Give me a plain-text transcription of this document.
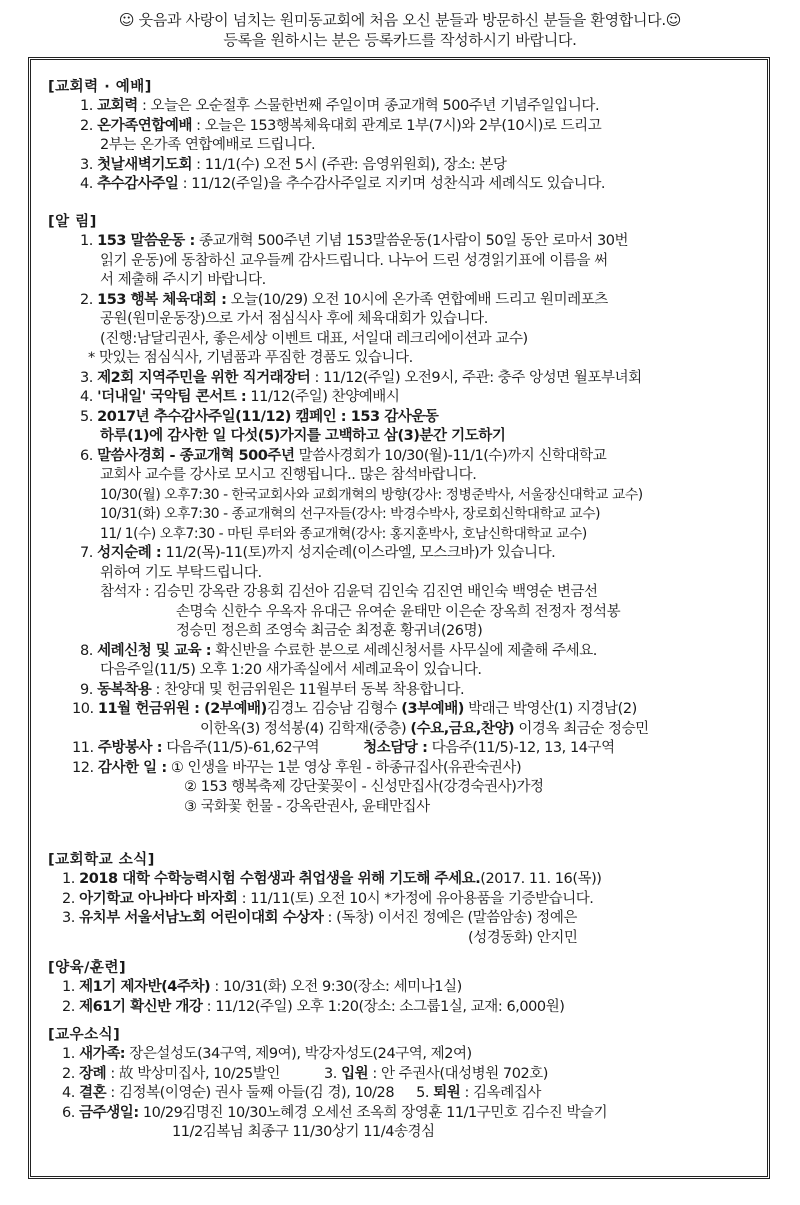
☺ 웃음과 사랑이 넘치는 원미동교회에 처음 오신 분들과 방문하신 분들을 환영합니다.☺
등록을 원하시는 분은 등록카드를 작성하시기 바랍니다.
[교회력 · 예배]
1. 교회력 : 오늘은 오순절후 스물한번째 주일이며 종교개혁 500주년 기념주일입니다.
2. 온가족연합예배 : 오늘은 153행복체육대회 관계로 1부(7시)와 2부(10시)로 드리고
2부는 온가족 연합예배로 드립니다.
3. 첫날새벽기도회 : 11/1(수) 오전 5시 (주관: 음영위원회), 장소: 본당
4. 추수감사주일 : 11/12(주일)을 추수감사주일로 지키며 성찬식과 세례식도 있습니다.
[알 림]
1. 153 말씀운동 : 종교개혁 500주년 기념 153말씀운동(1사람이 50일 동안 로마서 30번
읽기 운동)에 동참하신 교우들께 감사드립니다. 나누어 드린 성경읽기표에 이름을 써
서 제출해 주시기 바랍니다.
2. 153 행복 체육대회 : 오늘(10/29) 오전 10시에 온가족 연합예배 드리고 원미레포츠
공원(원미운동장)으로 가서 점심식사 후에 체육대회가 있습니다.
(진행:남달리권사, 좋은세상 이벤트 대표, 서일대 레크리에이션과 교수)
* 맛있는 점심식사, 기념품과 푸짐한 경품도 있습니다.
3. 제2회 지역주민을 위한 직거래장터 : 11/12(주일) 오전9시, 주관: 충주 앙성면 월포부녀회
4. '더내일' 국악팀 콘서트 : 11/12(주일) 찬양예배시
5. 2017년 추수감사주일(11/12) 캠페인 : 153 감사운동
하루(1)에 감사한 일 다섯(5)가지를 고백하고 삼(3)분간 기도하기
6. 말씀사경회 - 종교개혁 500주년 말씀사경회가 10/30(월)-11/1(수)까지 신학대학교
교회사 교수를 강사로 모시고 진행됩니다.. 많은 참석바랍니다.
10/30(월) 오후7:30 - 한국교회사와 교회개혁의 방향(강사: 정병준박사, 서울장신대학교 교수)
10/31(화) 오후7:30 - 종교개혁의 선구자들(강사: 박경수박사, 장로회신학대학교 교수)
11/ 1(수) 오후7:30 - 마틴 루터와 종교개혁(강사: 홍지훈박사, 호남신학대학교 교수)
7. 성지순례 : 11/2(목)-11(토)까지 성지순례(이스라엘, 모스크바)가 있습니다.
위하여 기도 부탁드립니다.
참석자 : 김승민 강옥란 강용회 김선아 김윤덕 김인숙 김진연 배인숙 백영순 변금선
손명숙 신한수 우옥자 유대근 유여순 윤태만 이은순 장옥희 전정자 정석봉
정승민 정은희 조영숙 최금순 최정훈 황귀녀(26명)
8. 세례신청 및 교육 : 확신반을 수료한 분으로 세례신청서를 사무실에 제출해 주세요.
다음주일(11/5) 오후 1:20 새가족실에서 세례교육이 있습니다.
9. 동복착용 : 찬양대 및 헌금위원은 11월부터 동복 착용합니다.
10. 11월 헌금위원 : (2부예배)김경노 김승남 김형수 (3부예배) 박래근 박영산(1) 지경남(2)
이한옥(3) 정석봉(4) 김학재(중층) (수요,금요,찬양) 이경옥 최금순 정승민
11. 주방봉사 : 다음주(11/5)-61,62구역	청소담당 : 다음주(11/5)-12, 13, 14구역
12. 감사한 일 : ① 인생을 바꾸는 1분 영상 후원 - 하종규집사(유관숙권사)
② 153 행복축제 강단꽃꽂이 - 신성만집사(강경숙권사)가정
③ 국화꽃 헌물 - 강옥란권사, 윤태만집사
[교회학교 소식]
1. 2018 대학 수학능력시험 수험생과 취업생을 위해 기도해 주세요.(2017. 11. 16(목))
2. 아기학교 아나바다 바자회 : 11/11(토) 오전 10시 *가정에 유아용품을 기증받습니다.
3. 유치부 서울서남노회 어린이대회 수상자 : (독창) 이서진 정예은 (말씀암송) 정예은
(성경동화) 안지민
[양육/훈련]
1. 제1기 제자반(4주차) : 10/31(화) 오전 9:30(장소: 세미나1실)
2. 제61기 확신반 개강 : 11/12(주일) 오후 1:20(장소: 소그룹1실, 교재: 6,000원)
[교우소식]
1. 새가족: 장은설성도(34구역, 제9여), 박강자성도(24구역, 제2여)
2. 장례 : 故 박상미집사, 10/25발인	3. 입원 : 안 주권사(대성병원 702호)
4. 결혼 : 김정복(이영순) 권사 둘째 아들(김 경), 10/28 5. 퇴원 : 김옥례집사
6. 금주생일: 10/29김명진 10/30노혜경 오세선 조옥희 장영훈 11/1구민호 김수진 박슬기
11/2김복님 최종구 11/30상기 11/4송경심
